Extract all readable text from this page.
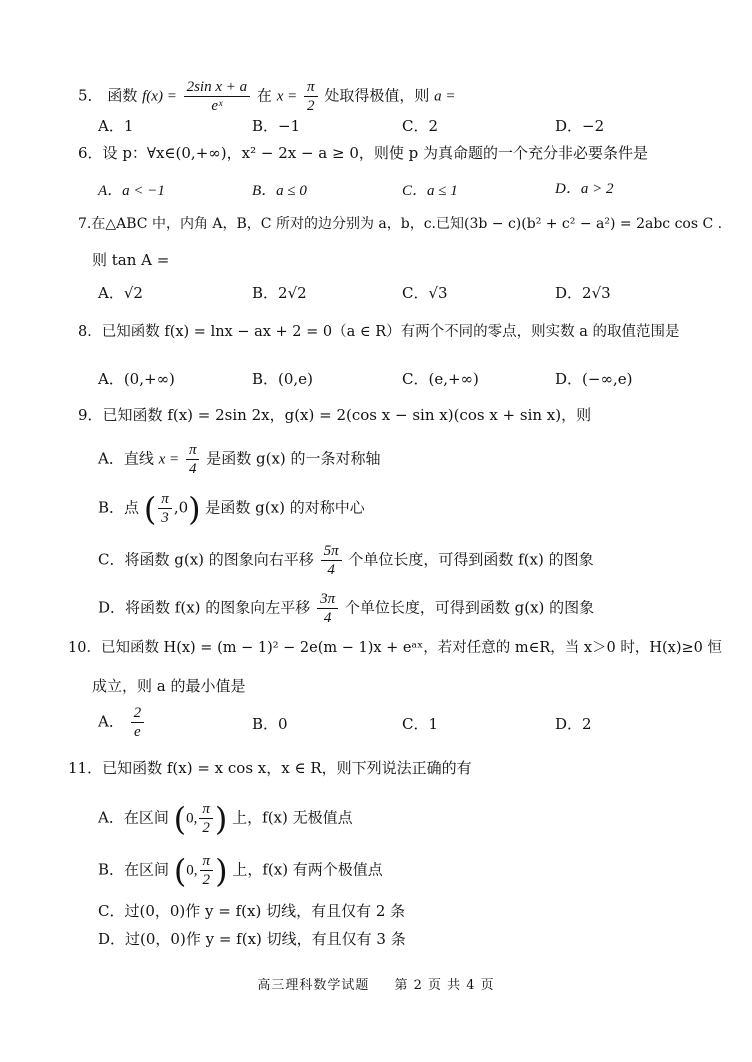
5． 函数 $f(x) = \frac{\text{2sin x + a}}{\text{eˣ}}$ 在 $x = \frac{\pi}{2}$ 处取得极值，则 a =
A．1	B．−1	C．2	D．−2
6．设 p：∀x∈(0,+∞)，x² − 2x − a ≥ 0，则使 p 为真命题的一个充分非必要条件是
A．a < −1	B．a ≤ 0	C．a ≤ 1	D．a > 2
7.在△ABC 中，内角 A，B，C 所对的边分别为 a，b，c.已知(3b − c)(b² + c² − a²) = 2abc cos C .
则 tan A =
A．√2	B．2√2	C．√3	D．2√3
8．已知函数 f(x) = lnx − ax + 2 = 0（a ∈ R）有两个不同的零点，则实数 a 的取值范围是
A．(0,+∞)	B．(0,e)	C．(e,+∞)	D．(−∞,e)
9．已知函数 f(x) = 2sin 2x，g(x) = 2(cos x − sin x)(cos x + sin x)，则
A．直线 $x = \frac{\pi}{4}$ 是函数 g(x) 的一条对称轴
B．点 ( $\frac{\pi}{3} ,0$) 是函数 g(x) 的对称中心
C．将函数 g(x) 的图象向右平移 $\frac{5\pi}{4}$ 个单位长度，可得到函数 f(x) 的图象
D．将函数 f(x) 的图象向左平移 $\frac{3\pi}{4}$ 个单位长度，可得到函数 g(x) 的图象
10．已知函数 H(x) = (m − 1)² − 2e(m − 1)x + eᵃˣ，若对任意的 m∈R，当 x＞0 时，H(x)≥0 恒
成立，则 a 的最小值是
A． $\frac{2}{e}$	B．0	C．1	D．2
11．已知函数 f(x) = x cos x，x ∈ R，则下列说法正确的有
A．在区间 (0, $\frac{\pi}{2}$ ) 上，f(x) 无极值点
B．在区间 (0, $\frac{\pi}{2}$ ) 上，f(x) 有两个极值点
C．过(0，0)作 y = f(x) 切线，有且仅有 2 条
D．过(0，0)作 y = f(x) 切线，有且仅有 3 条
高三理科数学试题 第 2 页 共 4 页
